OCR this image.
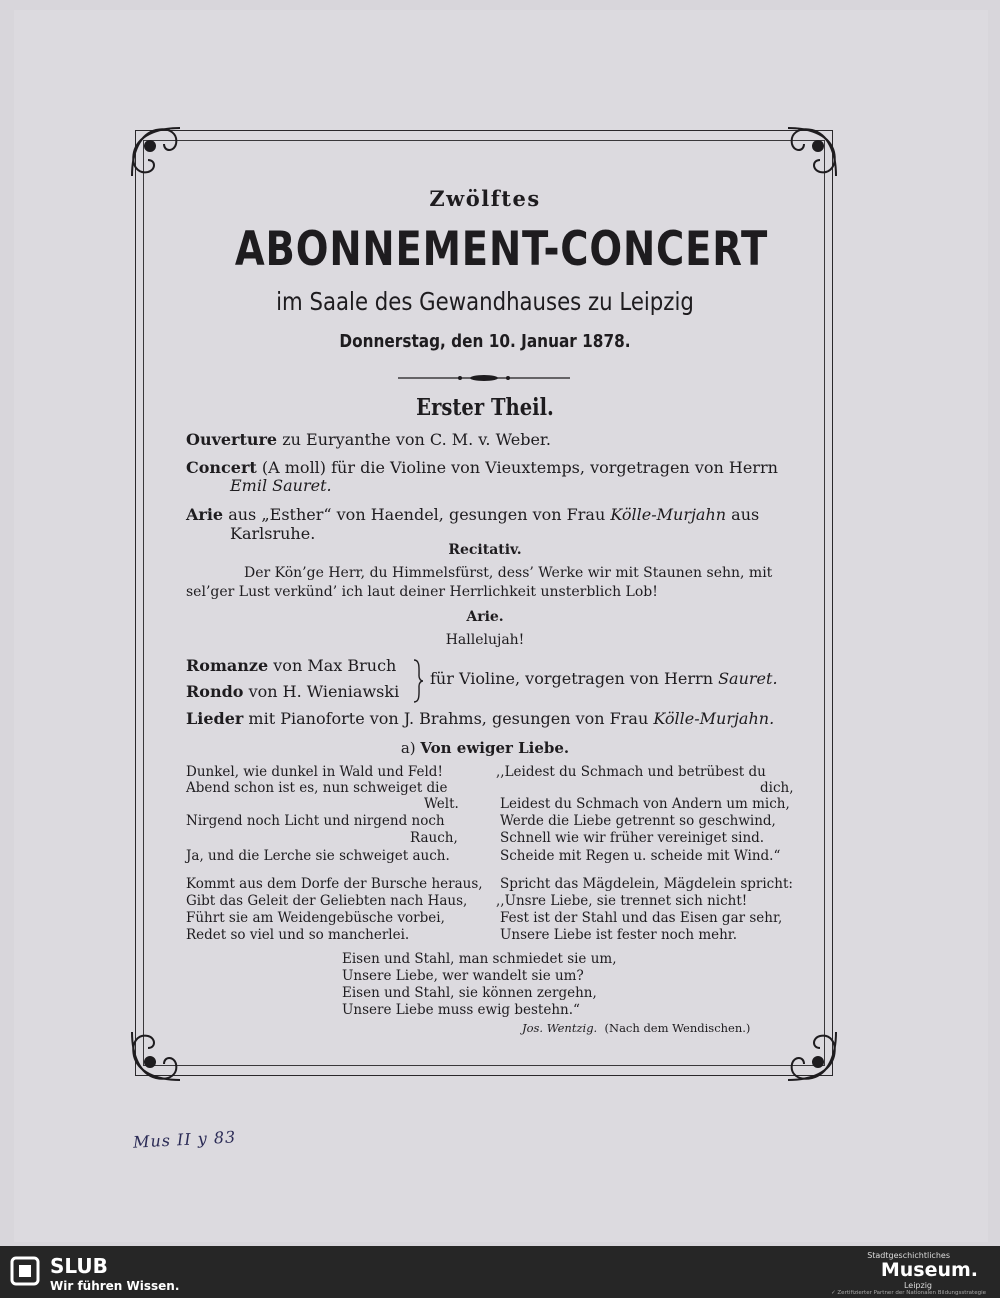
Zwölftes
ABONNEMENT-CONCERT
im Saale des Gewandhauses zu Leipzig
Donnerstag, den 10. Januar 1878.
Erster Theil.
Ouverture zu Euryanthe von C. M. v. Weber.
Concert (A moll) für die Violine von Vieuxtemps, vorgetragen von Herrn
Emil Sauret.
Arie aus „Esther“ von Haendel, gesungen von Frau Kölle-Murjahn aus
Karlsruhe.
Recitativ.
Der Kön’ge Herr, du Himmelsfürst, dess’ Werke wir mit Staunen sehn, mit
sel’ger Lust verkünd’ ich laut deiner Herrlichkeit unsterblich Lob!
Arie.
Hallelujah!
Romanze von Max Bruch
Rondo von H. Wieniawski
für Violine, vorgetragen von Herrn Sauret.
Lieder mit Pianoforte von J. Brahms, gesungen von Frau Kölle-Murjahn.
a) Von ewiger Liebe.
Dunkel, wie dunkel in Wald und Feld!
Abend schon ist es, nun schweiget die
Welt.
Nirgend noch Licht und nirgend noch
Rauch,
Ja, und die Lerche sie schweiget auch.
,,Leidest du Schmach und betrübest du
dich,
Leidest du Schmach von Andern um mich,
Werde die Liebe getrennt so geschwind,
Schnell wie wir früher vereiniget sind.
Scheide mit Regen u. scheide mit Wind.“
Kommt aus dem Dorfe der Bursche heraus,
Gibt das Geleit der Geliebten nach Haus,
Führt sie am Weidengebüsche vorbei,
Redet so viel und so mancherlei.
Spricht das Mägdelein, Mägdelein spricht:
,,Unsre Liebe, sie trennet sich nicht!
Fest ist der Stahl und das Eisen gar sehr,
Unsere Liebe ist fester noch mehr.
Eisen und Stahl, man schmiedet sie um,
Unsere Liebe, wer wandelt sie um?
Eisen und Stahl, sie können zergehn,
Unsere Liebe muss ewig bestehn.“
Jos. Wentzig. (Nach dem Wendischen.)
Mus II y 83
SLUB
Wir führen Wissen.
Stadtgeschichtliches
Museum.
Leipzig
✓ Zertifizierter Partner der Nationalen Bildungsstrategie
